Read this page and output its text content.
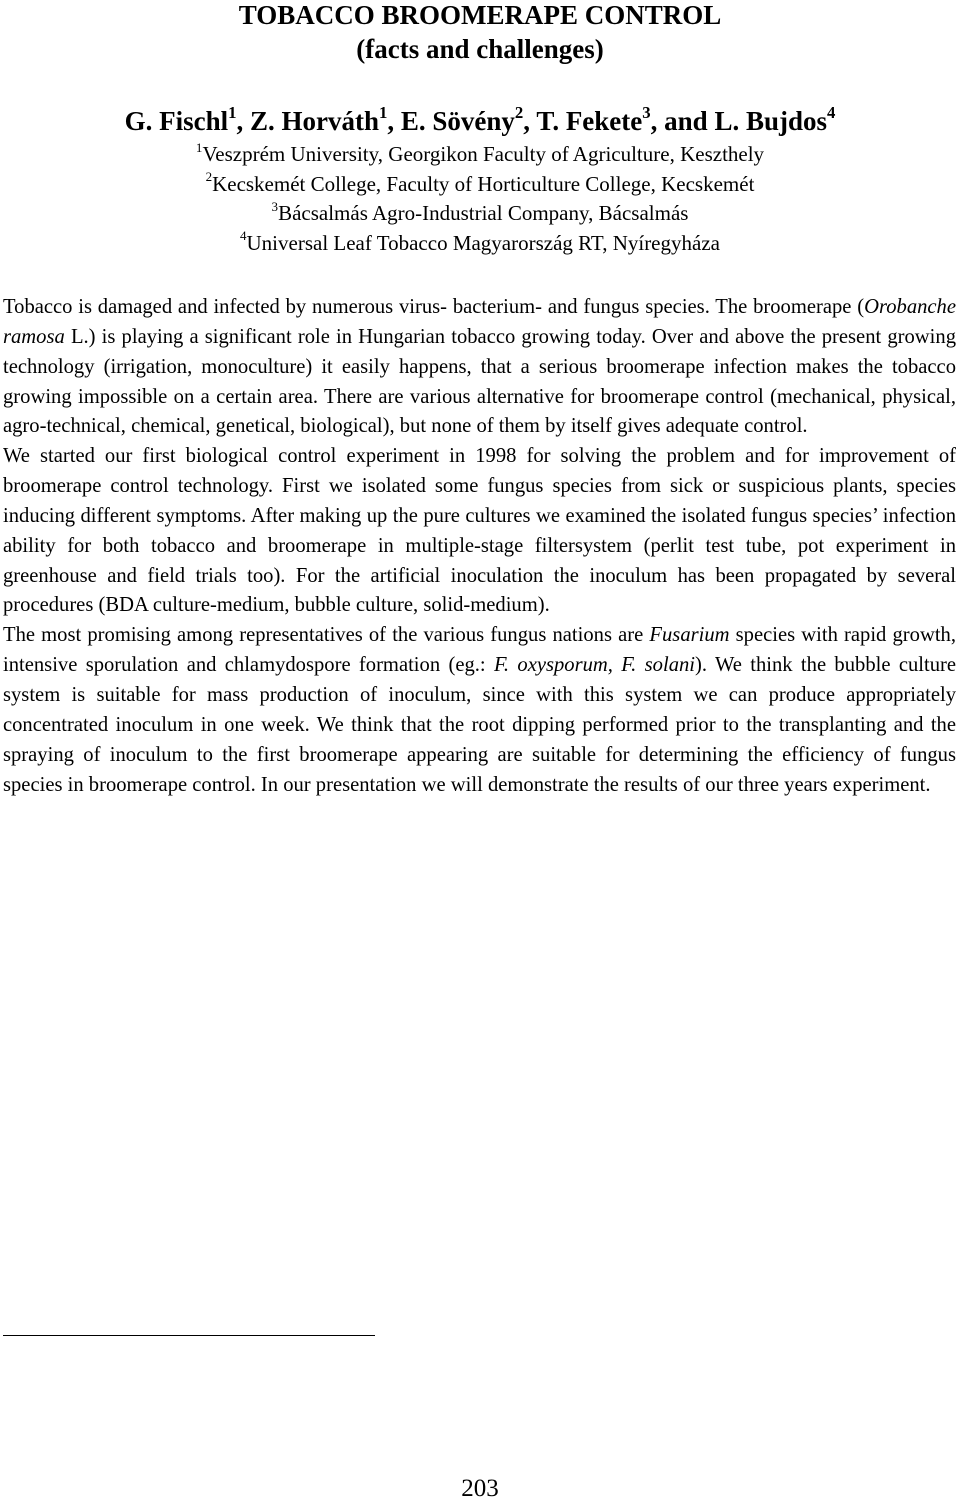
TOBACCO BROOMERAPE CONTROL
(facts and challenges)
G. Fischl$^1$, Z. Horváth$^1$, E. Sövény$^2$, T. Fekete$^3$, and L. Bujdos$^4$
$^1$Veszprém University, Georgikon Faculty of Agriculture, Keszthely
$^2$Kecskemét College, Faculty of Horticulture College, Kecskemét
$^3$Bácsalmás Agro-Industrial Company, Bácsalmás
$^4$Universal Leaf Tobacco Magyarország RT, Nyíregyháza

Tobacco is damaged and infected by numerous virus- bacterium- and fungus species. The broomerape (Orobanche ramosa L.) is playing a significant role in Hungarian tobacco growing today. Over and above the present growing technology (irrigation, monoculture) it easily happens, that a serious broomerape infection makes the tobacco growing impossible on a certain area. There are various alternative for broomerape control (mechanical, physical, agro-technical, chemical, genetical, biological), but none of them by itself gives adequate control.

We started our first biological control experiment in 1998 for solving the problem and for improvement of broomerape control technology. First we isolated some fungus species from sick or suspicious plants, species inducing different symptoms. After making up the pure cultures we examined the isolated fungus species’ infection ability for both tobacco and broomerape in multiple-stage filtersystem (perlit test tube, pot experiment in greenhouse and field trials too). For the artificial inoculation the inoculum has been propagated by several procedures (BDA culture-medium, bubble culture, solid-medium).

The most promising among representatives of the various fungus nations are Fusarium species with rapid growth, intensive sporulation and chlamydospore formation (eg.: F. oxysporum, F. solani). We think the bubble culture system is suitable for mass production of inoculum, since with this system we can produce appropriately concentrated inoculum in one week. We think that the root dipping performed prior to the transplanting and the spraying of inoculum to the first broomerape appearing are suitable for determining the efficiency of fungus species in broomerape control. In our presentation we will demonstrate the results of our three years experiment.

203
